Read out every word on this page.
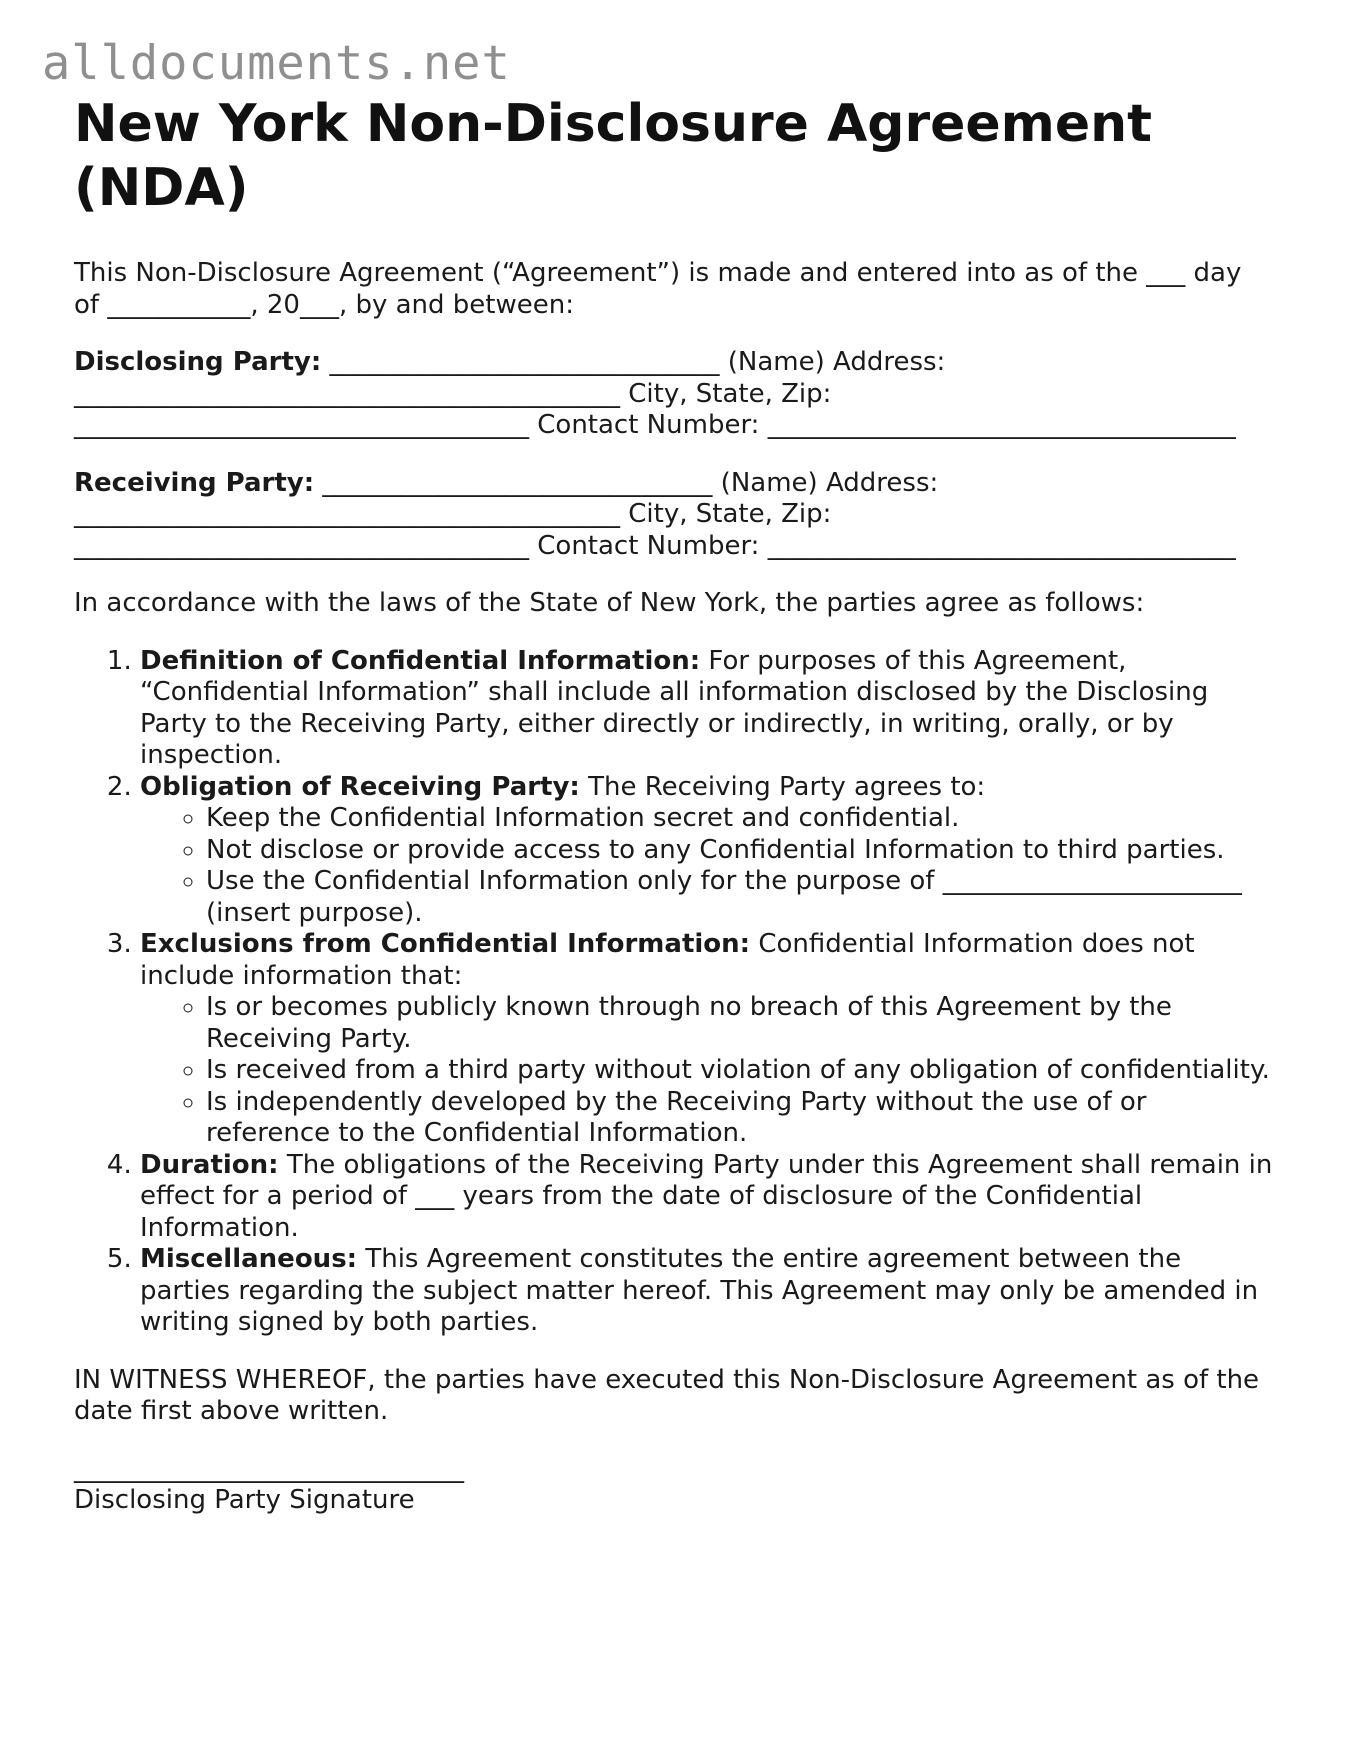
alldocuments.net
New York Non-Disclosure Agreement (NDA)

This Non-Disclosure Agreement (“Agreement”) is made and entered into as of the ___ day of ___________, 20___, by and between:

Disclosing Party: ______________________________ (Name) Address: __________________________________________ City, State, Zip: ___________________________________ Contact Number: ____________________________________

Receiving Party: ______________________________ (Name) Address: __________________________________________ City, State, Zip: ___________________________________ Contact Number: ____________________________________

In accordance with the laws of the State of New York, the parties agree as follows:

1. Definition of Confidential Information: For purposes of this Agreement, “Confidential Information” shall include all information disclosed by the Disclosing Party to the Receiving Party, either directly or indirectly, in writing, orally, or by inspection.
2. Obligation of Receiving Party: The Receiving Party agrees to:
◦ Keep the Confidential Information secret and confidential.
◦ Not disclose or provide access to any Confidential Information to third parties.
◦ Use the Confidential Information only for the purpose of _______________________ (insert purpose).
3. Exclusions from Confidential Information: Confidential Information does not include information that:
◦ Is or becomes publicly known through no breach of this Agreement by the Receiving Party.
◦ Is received from a third party without violation of any obligation of confidentiality.
◦ Is independently developed by the Receiving Party without the use of or reference to the Confidential Information.
4. Duration: The obligations of the Receiving Party under this Agreement shall remain in effect for a period of ___ years from the date of disclosure of the Confidential Information.
5. Miscellaneous: This Agreement constitutes the entire agreement between the parties regarding the subject matter hereof. This Agreement may only be amended in writing signed by both parties.

IN WITNESS WHEREOF, the parties have executed this Non-Disclosure Agreement as of the date first above written.

______________________________
Disclosing Party Signature
